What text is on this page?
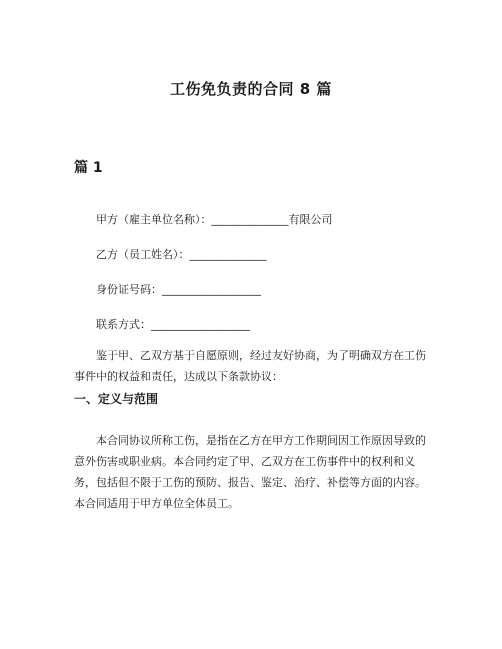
工伤免负责的合同 8 篇
篇 1

甲方（雇主单位名称）：______________有限公司

乙方（员工姓名）：______________

身份证号码：__________________

联系方式：__________________

鉴于甲、乙双方基于自愿原则，经过友好协商，为了明确双方在工伤事件中的权益和责任，达成以下条款协议：

一、定义与范围

本合同协议所称工伤，是指在乙方在甲方工作期间因工作原因导致的意外伤害或职业病。本合同约定了甲、乙双方在工伤事件中的权利和义务，包括但不限于工伤的预防、报告、鉴定、治疗、补偿等方面的内容。本合同适用于甲方单位全体员工。
